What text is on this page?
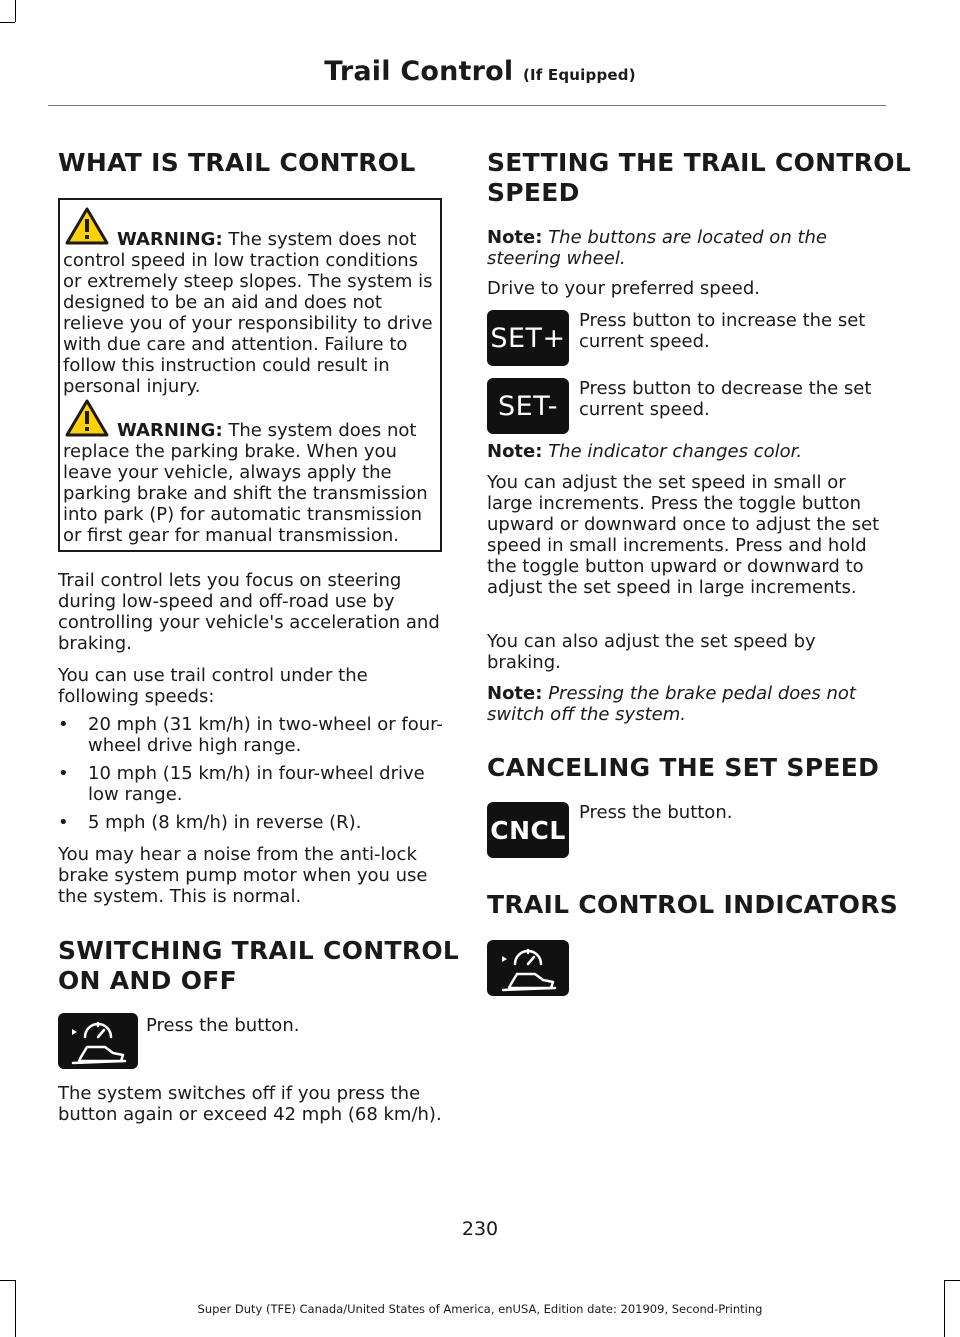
Trail Control (If Equipped)
WHAT IS TRAIL CONTROL

WARNING: The system does not control speed in low traction conditions or extremely steep slopes. The system is designed to be an aid and does not relieve you of your responsibility to drive with due care and attention. Failure to follow this instruction could result in personal injury.

WARNING: The system does not replace the parking brake. When you leave your vehicle, always apply the parking brake and shift the transmission into park (P) for automatic transmission or first gear for manual transmission.

Trail control lets you focus on steering during low-speed and off-road use by controlling your vehicle's acceleration and braking.

You can use trail control under the following speeds:

• 20 mph (31 km/h) in two-wheel or four-wheel drive high range.
• 10 mph (15 km/h) in four-wheel drive low range.
• 5 mph (8 km/h) in reverse (R).

You may hear a noise from the anti-lock brake system pump motor when you use the system. This is normal.

SWITCHING TRAIL CONTROL
ON AND OFF

Press the button.

The system switches off if you press the button again or exceed 42 mph (68 km/h).

SETTING THE TRAIL CONTROL
SPEED

Note: The buttons are located on the steering wheel.

Drive to your preferred speed.

SET+

Press button to increase the set current speed.

SET-

Press button to decrease the set current speed.

Note: The indicator changes color.

You can adjust the set speed in small or large increments. Press the toggle button upward or downward once to adjust the set speed in small increments. Press and hold the toggle button upward or downward to adjust the set speed in large increments.

You can also adjust the set speed by braking.

Note: Pressing the brake pedal does not switch off the system.

CANCELING THE SET SPEED
CNCL

Press the button.

TRAIL CONTROL INDICATORS
230
Super Duty (TFE) Canada/United States of America, enUSA, Edition date: 201909, Second-Printing
